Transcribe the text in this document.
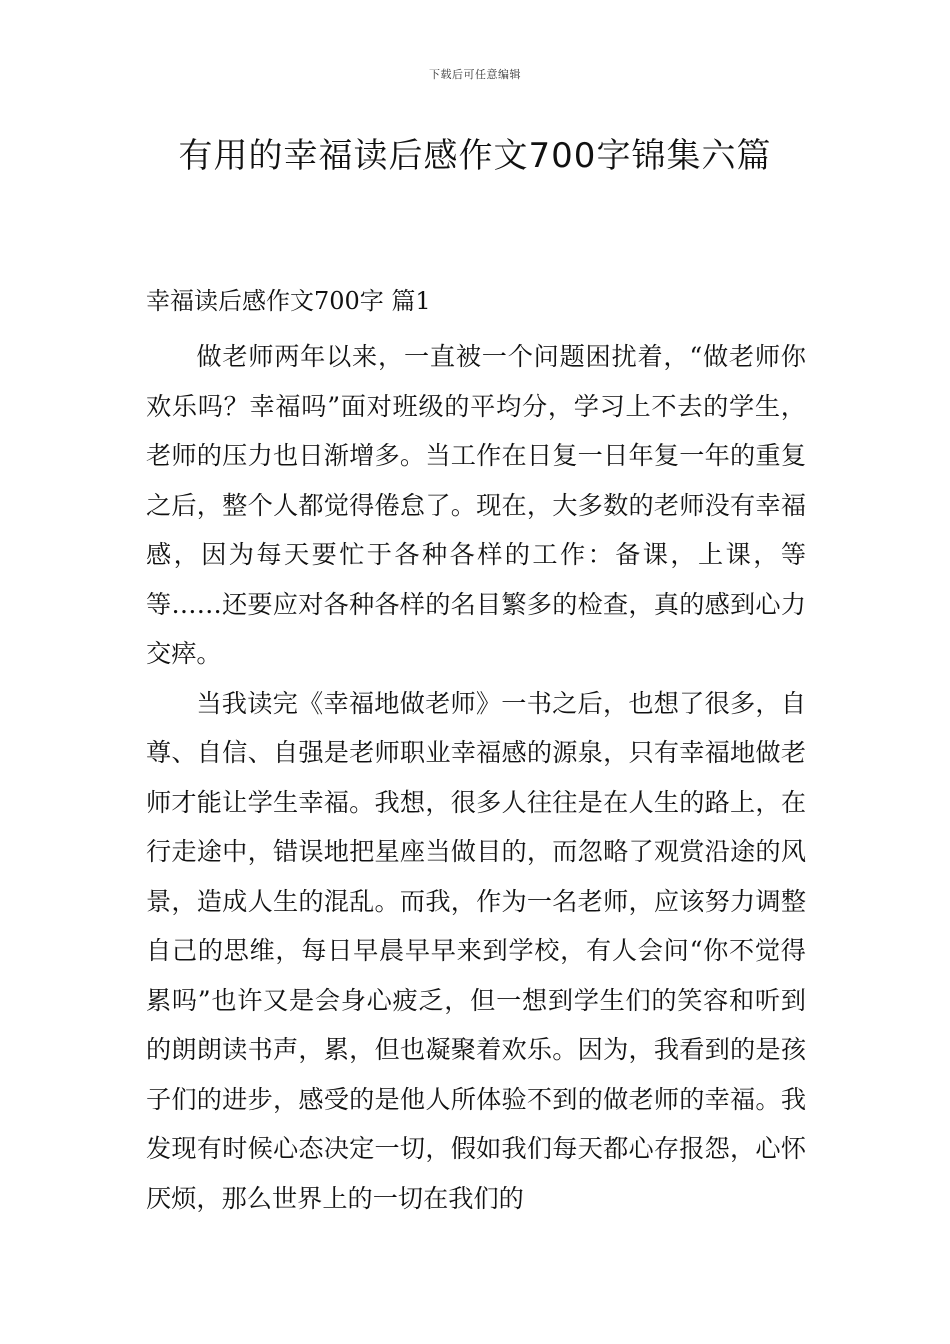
下载后可任意编辑
有用的幸福读后感作文700字锦集六篇
幸福读后感作文700字 篇1

做老师两年以来，一直被一个问题困扰着，“做老师你欢乐吗？幸福吗”面对班级的平均分，学习上不去的学生，老师的压力也日渐增多。当工作在日复一日年复一年的重复之后，整个人都觉得倦怠了。现在，大多数的老师没有幸福感，因为每天要忙于各种各样的工作：备课，上课，等等……还要应对各种各样的名目繁多的检查，真的感到心力交瘁。

当我读完《幸福地做老师》一书之后，也想了很多，自尊、自信、自强是老师职业幸福感的源泉，只有幸福地做老师才能让学生幸福。我想，很多人往往是在人生的路上，在行走途中，错误地把星座当做目的，而忽略了观赏沿途的风景，造成人生的混乱。而我，作为一名老师，应该努力调整自己的思维，每日早晨早早来到学校，有人会问“你不觉得累吗”也许又是会身心疲乏，但一想到学生们的笑容和听到的朗朗读书声，累，但也凝聚着欢乐。因为，我看到的是孩子们的进步，感受的是他人所体验不到的做老师的幸福。我发现有时候心态决定一切，假如我们每天都心存报怨，心怀厌烦，那么世界上的一切在我们的
